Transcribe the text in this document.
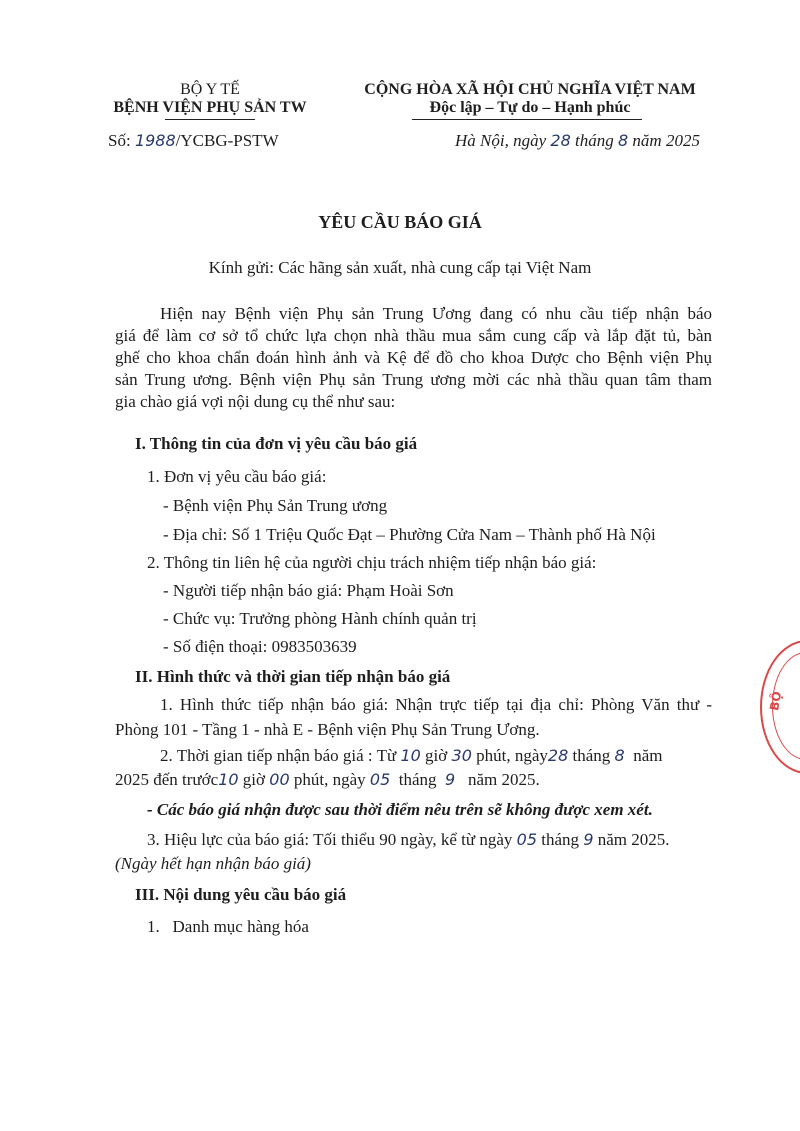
BỘ Y TẾ
BỆNH VIỆN PHỤ SẢN TW
Số: 1988/YCBG-PSTW
CỘNG HÒA XÃ HỘI CHỦ NGHĨA VIỆT NAM
Độc lập – Tự do – Hạnh phúc
Hà Nội, ngày 28 tháng 8 năm 2025
YÊU CẦU BÁO GIÁ
Kính gửi: Các hãng sản xuất, nhà cung cấp tại Việt Nam
Hiện nay Bệnh viện Phụ sản Trung Ương đang có nhu cầu tiếp nhận báo
giá để làm cơ sở tổ chức lựa chọn nhà thầu mua sắm cung cấp và lắp đặt tủ, bàn
ghế cho khoa chẩn đoán hình ảnh và Kệ để đồ cho khoa Dược cho Bệnh viện Phụ
sản Trung ương. Bệnh viện Phụ sản Trung ương mời các nhà thầu quan tâm tham
gia chào giá vợi nội dung cụ thể như sau:
I. Thông tin của đơn vị yêu cầu báo giá
1. Đơn vị yêu cầu báo giá:
- Bệnh viện Phụ Sản Trung ương
- Địa chỉ: Số 1 Triệu Quốc Đạt – Phường Cửa Nam – Thành phố Hà Nội
2. Thông tin liên hệ của người chịu trách nhiệm tiếp nhận báo giá:
- Người tiếp nhận báo giá: Phạm Hoài Sơn
- Chức vụ: Trưởng phòng Hành chính quản trị
- Số điện thoại: 0983503639
II. Hình thức và thời gian tiếp nhận báo giá
1. Hình thức tiếp nhận báo giá: Nhận trực tiếp tại địa chỉ: Phòng Văn thư -
Phòng 101 - Tầng 1 - nhà E - Bệnh viện Phụ Sản Trung Ương.
2. Thời gian tiếp nhận báo giá : Từ 10 giờ 30 phút, ngày28 tháng 8 năm
2025 đến trước10 giờ 00 phút, ngày 05 tháng 9 năm 2025.
- Các báo giá nhận được sau thời điểm nêu trên sẽ không được xem xét.
3. Hiệu lực của báo giá: Tối thiểu 90 ngày, kể từ ngày 05 tháng 9 năm 2025.
(Ngày hết hạn nhận báo giá)
III. Nội dung yêu cầu báo giá
1.   Danh mục hàng hóa
BỘ
